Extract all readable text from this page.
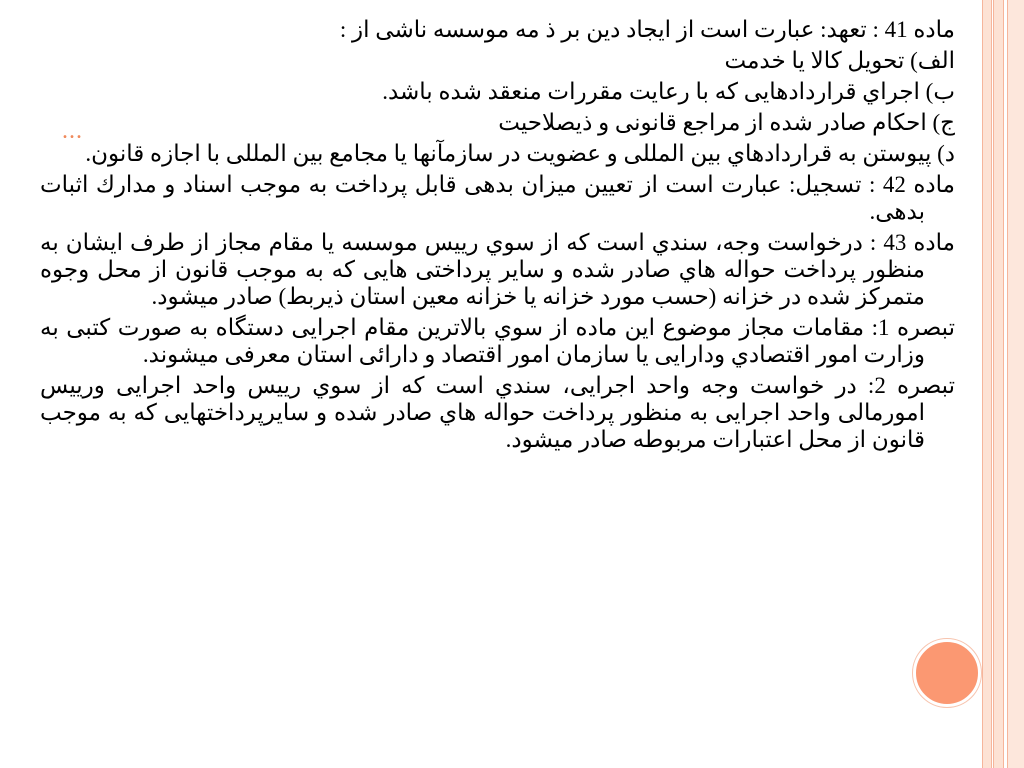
...

ماده 41 : تعهد: عبارت است از ايجاد دين بر ذ مه موسسه ناشی از :

الف) تحويل کالا يا خدمت

ب) اجراي قراردادهايی که با رعايت مقررات منعقد شده باشد.

ج) احکام صادر شده از مراجع قانونی و ذيصلاحيت

د) پيوستن به قراردادهاي بين المللی و عضويت در سازمآنها يا مجامع بين المللی با اجازه قانون.

ماده 42 : تسجيل: عبارت است از تعيين ميزان بدهی قابل پرداخت به موجب اسناد و مدارك اثبات بدهی.

ماده 43 : درخواست وجه، سندي است که از سوي رييس موسسه يا مقام مجاز از طرف ايشان به منظور پرداخت حواله هاي صادر شده و ساير پرداختی هايی که به موجب قانون از محل وجوه متمرکز شده در خزانه (حسب مورد خزانه يا خزانه معين استان ذيربط) صادر ميشود.

تبصره 1: مقامات مجاز موضوع اين ماده از سوي بالاترين مقام اجرايی دستگاه به صورت کتبی به وزارت امور اقتصادي ودارايی يا سازمان امور اقتصاد و دارائی استان معرفی ميشوند.

تبصره 2: در خواست وجه واحد اجرايی، سندي است که از سوي رييس واحد اجرايی ورييس امورمالی واحد اجرايی به منظور پرداخت حواله هاي صادر شده و سايرپرداختهايی که به موجب قانون از محل اعتبارات مربوطه صادر ميشود.
